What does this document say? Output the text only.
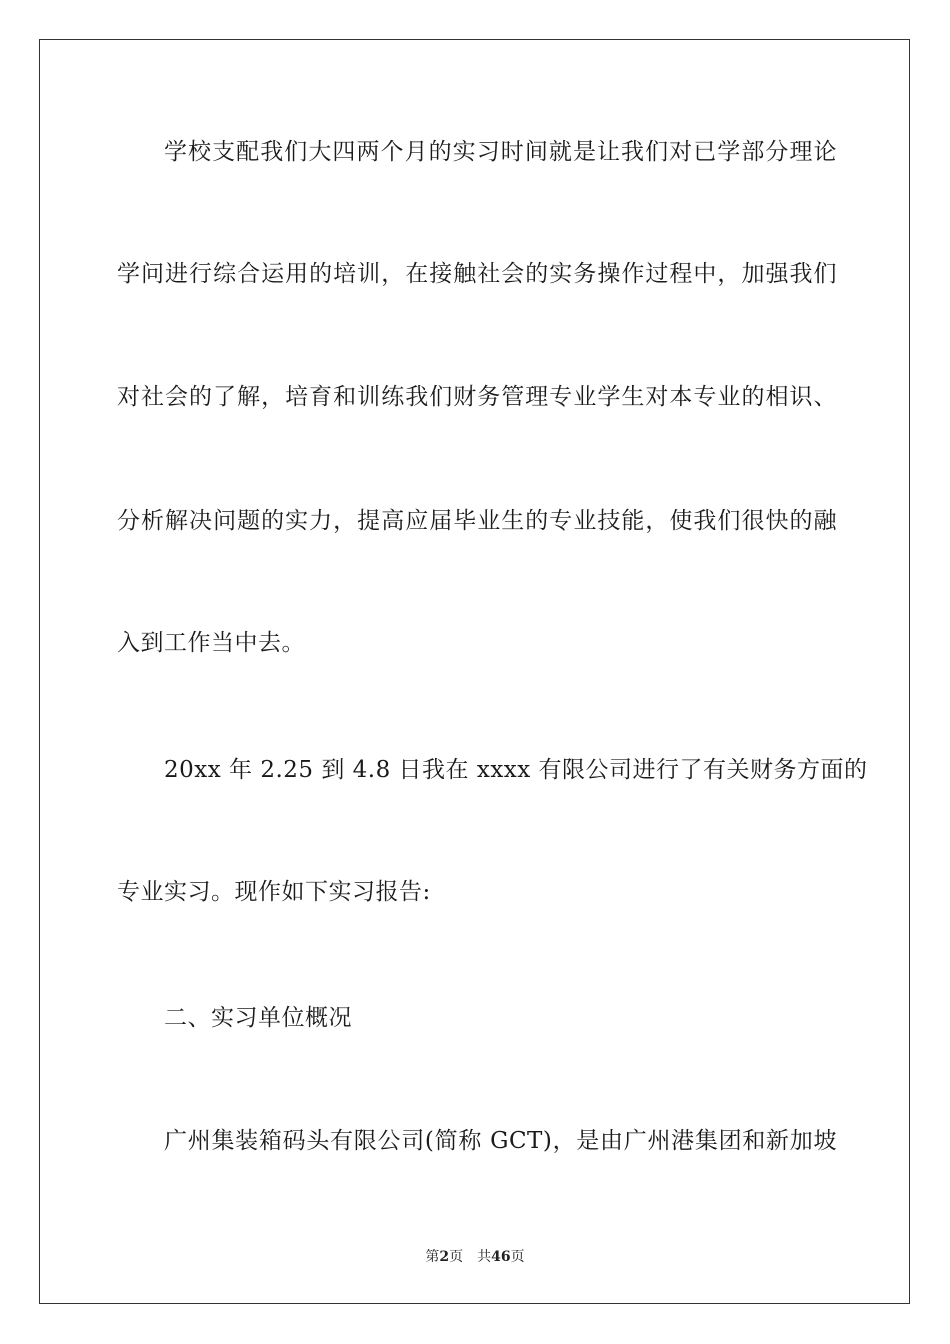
学校支配我们大四两个月的实习时间就是让我们对已学部分理论
学问进行综合运用的培训，在接触社会的实务操作过程中，加强我们
对社会的了解，培育和训练我们财务管理专业学生对本专业的相识、
分析解决问题的实力，提高应届毕业生的专业技能，使我们很快的融
入到工作当中去。
20xx 年 2.25 到 4.8 日我在 xxxx 有限公司进行了有关财务方面的
专业实习。现作如下实习报告:
二、实习单位概况
广州集装箱码头有限公司(简称 GCT)，是由广州港集团和新加坡
第2页 共46页
